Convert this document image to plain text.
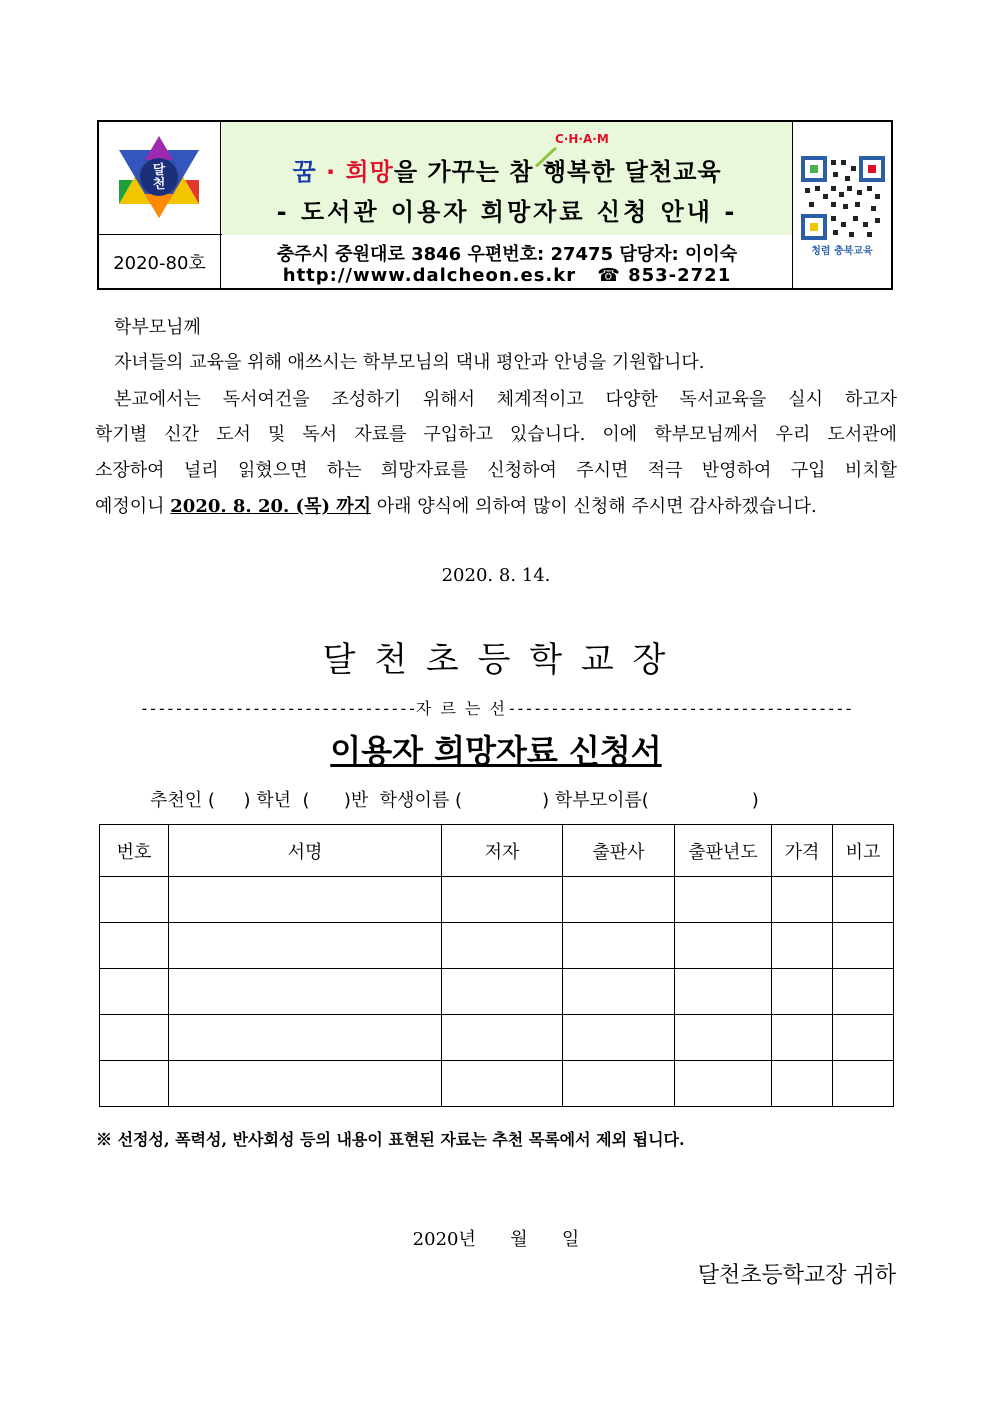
달 천
2020-80호
꿈 · 희망을 가꾸는 참 행복한 달천교육
C·H·A·M
- 도서관 이용자 희망자료 신청 안내 -
충주시 중원대로 3846 우편번호: 27475 담당자: 이이숙
http://www.dalcheon.es.kr ☎ 853-2721
청렴 충북교육
학부모님께
자녀들의 교육을 위해 애쓰시는 학부모님의 댁내 평안과 안녕을 기원합니다.
본교에서는 독서여건을 조성하기 위해서 체계적이고 다양한 독서교육을 실시 하고자
학기별 신간 도서 및 독서 자료를 구입하고 있습니다. 이에 학부모님께서 우리 도서관에
소장하여 널리 읽혔으면 하는 희망자료를 신청하여 주시면 적극 반영하여 구입 비치할
예정이니 2020. 8. 20. (목) 까지 아래 양식에 의하여 많이 신청해 주시면 감사하겠습니다.
2020. 8. 14.
달 천 초 등 학 교 장
--------------------------------자 르 는 선----------------------------------------
이용자 희망자료 신청서
추천인 (     ) 학년  (      )반  학생이름 (              ) 학부모이름(                  )
번호	서명	저자	출판사	출판년도	가격	비고

※ 선정성, 폭력성, 반사회성 등의 내용이 표현된 자료는 추천 목록에서 제외 됩니다.
2020년      월      일
달천초등학교장 귀하
